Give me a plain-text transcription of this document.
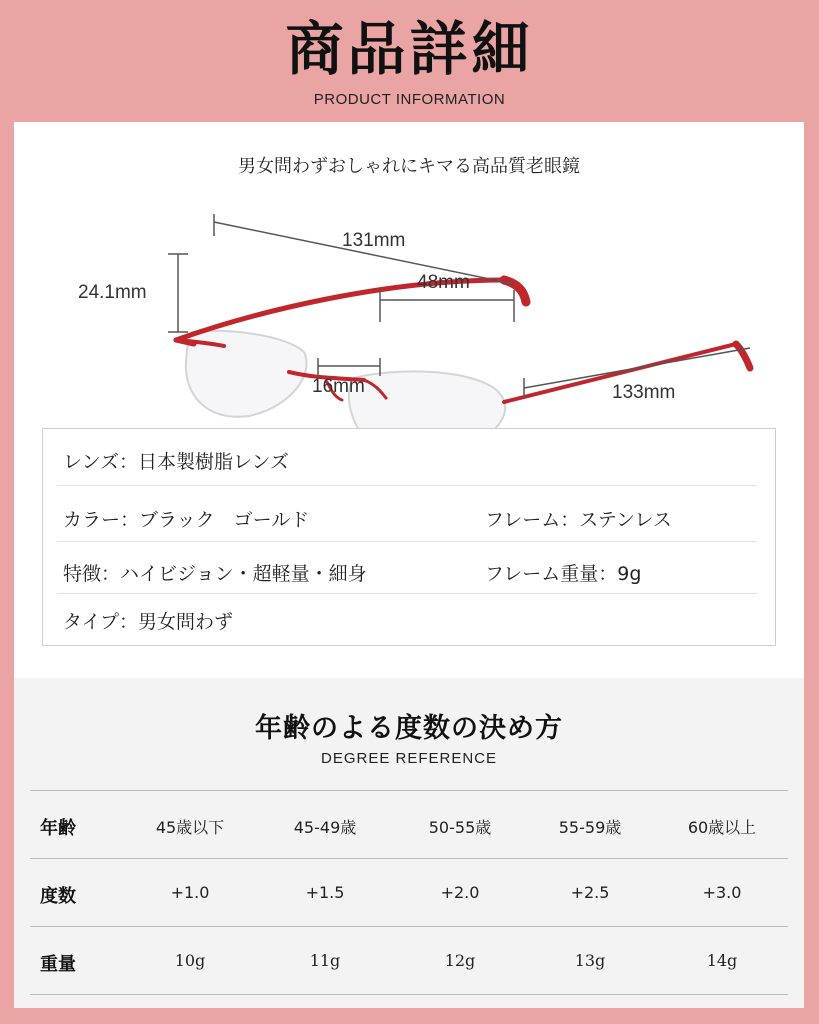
商品詳細
PRODUCT INFORMATION
男女問わずおしゃれにキマる高品質老眼鏡
131mm
24.1mm	48mm
16mm	133mm
レンズ：日本製樹脂レンズ
カラー：ブラック　ゴールド	フレーム：ステンレス
特徴：ハイビジョン・超軽量・細身	フレーム重量：9g
タイプ：男女問わず
年齢のよる度数の決め方
DEGREE REFERENCE
年齢	45歳以下	45-49歳	50-55歳	55-59歳	60歳以上
度数	+1.0	+1.5	+2.0	+2.5	+3.0
重量	10g	11g	12g	13g	14g
